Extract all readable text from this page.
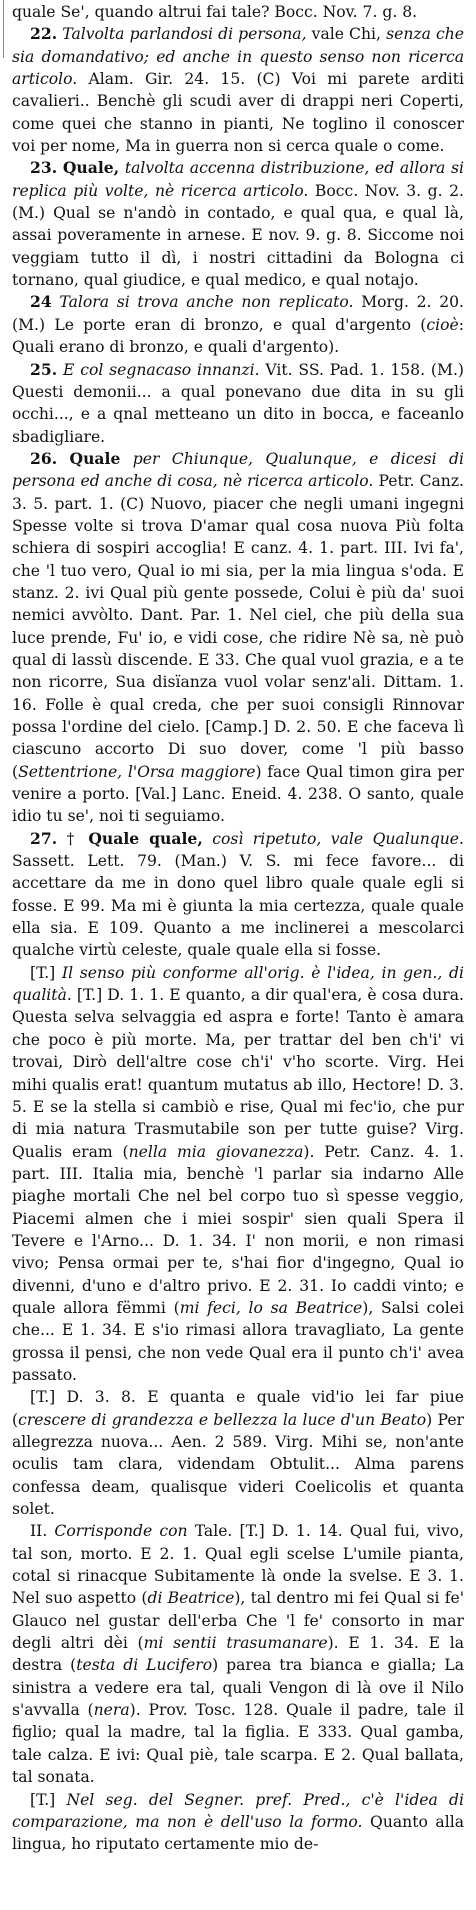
quale Se', quando altrui fai tale? Bocc. Nov. 7. g. 8.

22. Talvolta parlandosi di persona, vale Chi, senza che sia domandativo; ed anche in questo senso non ricerca articolo. Alam. Gir. 24. 15. (C) Voi mi parete arditi cavalieri.. Benchè gli scudi aver di drappi neri Coperti, come quei che stanno in pianti, Ne toglino il conoscer voi per nome, Ma in guerra non si cerca quale o come.

23. Quale, talvolta accenna distribuzione, ed allora si replica più volte, nè ricerca articolo. Bocc. Nov. 3. g. 2. (M.) Qual se n'andò in contado, e qual qua, e qual là, assai poveramente in arnese. E nov. 9. g. 8. Siccome noi veggiam tutto il dì, i nostri cittadini da Bologna ci tornano, qual giudice, e qual medico, e qual notajo.

24 Talora si trova anche non replicato. Morg. 2. 20. (M.) Le porte eran di bronzo, e qual d'argento (cioè: Quali erano di bronzo, e quali d'argento).

25. E col segnacaso innanzi. Vit. SS. Pad. 1. 158. (M.) Questi demonii... a qual ponevano due dita in su gli occhi..., e a qnal metteano un dito in bocca, e faceanlo sbadigliare.

26. Quale per Chiunque, Qualunque, e dicesi di persona ed anche di cosa, nè ricerca articolo. Petr. Canz. 3. 5. part. 1. (C) Nuovo, piacer che negli umani ingegni Spesse volte si trova D'amar qual cosa nuova Più folta schiera di sospiri accoglia! E canz. 4. 1. part. III. Ivi fa', che 'l tuo vero, Qual io mi sia, per la mia lingua s'oda. E stanz. 2. ivi Qual più gente possede, Colui è più da' suoi nemici avvòlto. Dant. Par. 1. Nel ciel, che più della sua luce prende, Fu' io, e vidi cose, che ridire Nè sa, nè può qual di lassù discende. E 33. Che qual vuol grazia, e a te non ricorre, Sua disïanza vuol volar senz'ali. Dittam. 1. 16. Folle è qual creda, che per suoi consigli Rinnovar possa l'ordine del cielo. [Camp.] D. 2. 50. E che faceva lì ciascuno accorto Di suo dover, come 'l più basso (Settentrione, l'Orsa maggiore) face Qual timon gira per venire a porto. [Val.] Lanc. Eneid. 4. 238. O santo, quale idio tu se', noi ti seguiamo.

27. † Quale quale, così ripetuto, vale Qualunque. Sassett. Lett. 79. (Man.) V. S. mi fece favore... di accettare da me in dono quel libro quale quale egli si fosse. E 99. Ma mi è giunta la mia certezza, quale quale ella sia. E 109. Quanto a me inclinerei a mescolarci qualche virtù celeste, quale quale ella si fosse.

[T.] Il senso più conforme all'orig. è l'idea, in gen., di qualità. [T.] D. 1. 1. E quanto, a dir qual'era, è cosa dura. Questa selva selvaggia ed aspra e forte! Tanto è amara che poco è più morte. Ma, per trattar del ben ch'i' vi trovai, Dirò dell'altre cose ch'i' v'ho scorte. Virg. Hei mihi qualis erat! quantum mutatus ab illo, Hectore! D. 3. 5. E se la stella si cambiò e rise, Qual mi fec'io, che pur di mia natura Trasmutabile son per tutte guise? Virg. Qualis eram (nella mia giovanezza). Petr. Canz. 4. 1. part. III. Italia mia, benchè 'l parlar sia indarno Alle piaghe mortali Che nel bel corpo tuo sì spesse veggio, Piacemi almen che i miei sospir' sien quali Spera il Tevere e l'Arno... D. 1. 34. I' non morii, e non rimasi vivo; Pensa ormai per te, s'hai fior d'ingegno, Qual io divenni, d'uno e d'altro privo. E 2. 31. Io caddi vinto; e quale allora fëmmi (mi feci, lo sa Beatrice), Salsi colei che... E 1. 34. E s'io rimasi allora travagliato, La gente grossa il pensi, che non vede Qual era il punto ch'i' avea passato.

[T.] D. 3. 8. E quanta e quale vid'io lei far piue (crescere di grandezza e bellezza la luce d'un Beato) Per allegrezza nuova... Aen. 2 589. Virg. Mihi se, non'ante oculis tam clara, videndam Obtulit... Alma parens confessa deam, qualisque videri Coelicolis et quanta solet.

II. Corrisponde con Tale. [T.] D. 1. 14. Qual fui, vivo, tal son, morto. E 2. 1. Qual egli scelse L'umile pianta, cotal si rinacque Subitamente là onde la svelse. E 3. 1. Nel suo aspetto (di Beatrice), tal dentro mi fei Qual si fe' Glauco nel gustar dell'erba Che 'l fe' consorto in mar degli altri dèi (mi sentii trasumanare). E 1. 34. E la destra (testa di Lucifero) parea tra bianca e gialla; La sinistra a vedere era tal, quali Vengon di là ove il Nilo s'avvalla (nera). Prov. Tosc. 128. Quale il padre, tale il figlio; qual la madre, tal la figlia. E 333. Qual gamba, tale calza. E ivi: Qual piè, tale scarpa. E 2. Qual ballata, tal sonata.

[T.] Nel seg. del Segner. pref. Pred., c'è l'idea di comparazione, ma non è dell'uso la formo. Quanto alla lingua, ho riputato certamente mio de-
